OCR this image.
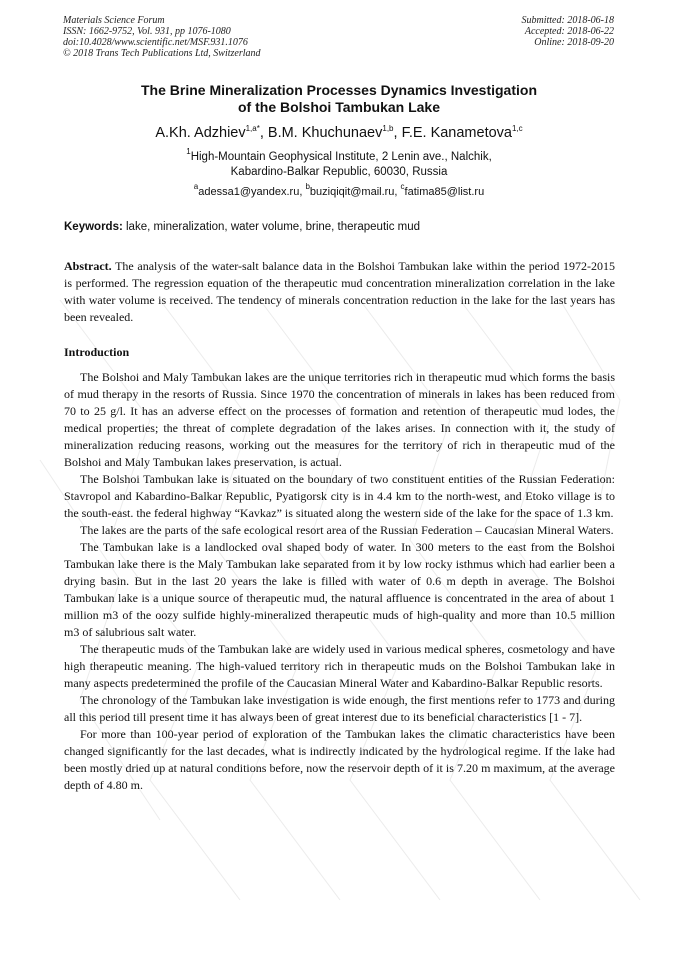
Materials Science Forum
ISSN: 1662-9752, Vol. 931, pp 1076-1080
doi:10.4028/www.scientific.net/MSF.931.1076
© 2018 Trans Tech Publications Ltd, Switzerland
Submitted: 2018-06-18
Accepted: 2018-06-22
Online: 2018-09-20
The Brine Mineralization Processes Dynamics Investigation
of the Bolshoi Tambukan Lake
A.Kh. Adzhiev$^{1,a*}$, B.M. Khuchunaev$^{1,b}$, F.E. Kanametova$^{1,c}$
$^1$High-Mountain Geophysical Institute, 2 Lenin ave., Nalchik,
Kabardino-Balkar Republic, 60030, Russia
$^a$adessa1@yandex.ru, $^b$buziqiqit@mail.ru, $^c$fatima85@list.ru
Keywords: lake, mineralization, water volume, brine, therapeutic mud
Abstract. The analysis of the water-salt balance data in the Bolshoi Tambukan lake within the period 1972-2015 is performed. The regression equation of the therapeutic mud concentration mineralization correlation in the lake with water volume is received. The tendency of minerals concentration reduction in the lake for the last years has been revealed.
Introduction

The Bolshoi and Maly Tambukan lakes are the unique territories rich in therapeutic mud which forms the basis of mud therapy in the resorts of Russia. Since 1970 the concentration of minerals in lakes has been reduced from 70 to 25 g/l. It has an adverse effect on the processes of formation and retention of therapeutic mud lodes, the medical properties; the threat of complete degradation of the lakes arises. In connection with it, the study of mineralization reducing reasons, working out the measures for the territory of rich in therapeutic mud of the Bolshoi and Maly Tambukan lakes preservation, is actual.

The Bolshoi Tambukan lake is situated on the boundary of two constituent entities of the Russian Federation: Stavropol and Kabardino-Balkar Republic, Pyatigorsk city is in 4.4 km to the north-west, and Etoko village is to the south-east. the federal highway “Kavkaz” is situated along the western side of the lake for the space of 1.3 km.

The lakes are the parts of the safe ecological resort area of the Russian Federation – Caucasian Mineral Waters.

The Tambukan lake is a landlocked oval shaped body of water. In 300 meters to the east from the Bolshoi Tambukan lake there is the Maly Tambukan lake separated from it by low rocky isthmus which had earlier been a drying basin. But in the last 20 years the lake is filled with water of 0.6 m depth in average. The Bolshoi Tambukan lake is a unique source of therapeutic mud, the natural affluence is concentrated in the area of about 1 million m3 of the oozy sulfide highly-mineralized therapeutic muds of high-quality and more than 10.5 million m3 of salubrious salt water.

The therapeutic muds of the Tambukan lake are widely used in various medical spheres, cosmetology and have high therapeutic meaning. The high-valued territory rich in therapeutic muds on the Bolshoi Tambukan lake in many aspects predetermined the profile of the Caucasian Mineral Water and Kabardino-Balkar Republic resorts.

The chronology of the Tambukan lake investigation is wide enough, the first mentions refer to 1773 and during all this period till present time it has always been of great interest due to its beneficial characteristics [1 - 7].

For more than 100-year period of exploration of the Tambukan lakes the climatic characteristics have been changed significantly for the last decades, what is indirectly indicated by the hydrological regime. If the lake had been mostly dried up at natural conditions before, now the reservoir depth of it is 7.20 m maximum, at the average depth of 4.80 m.
